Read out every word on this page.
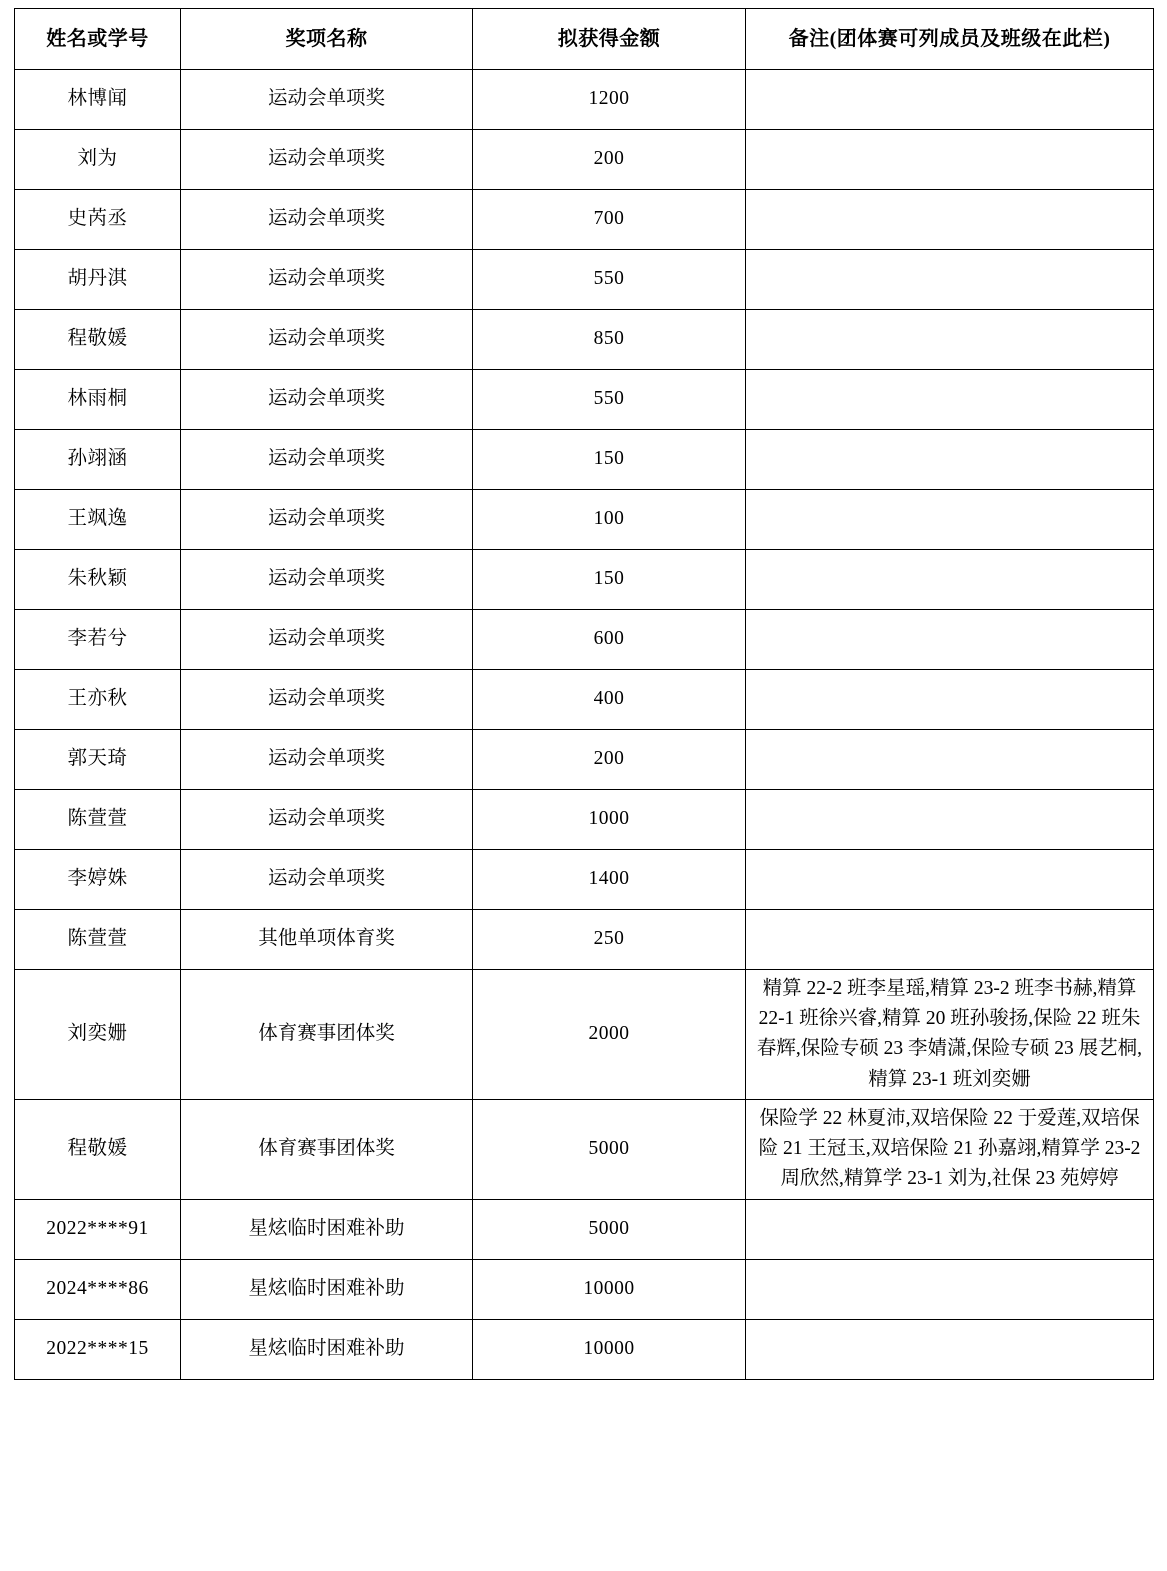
姓名或学号	奖项名称	拟获得金额	备注(团体赛可列成员及班级在此栏)
林博闻	运动会单项奖	1200	
刘为	运动会单项奖	200	
史芮丞	运动会单项奖	700	
胡丹淇	运动会单项奖	550	
程敬媛	运动会单项奖	850	
林雨桐	运动会单项奖	550	
孙翊涵	运动会单项奖	150	
王飒逸	运动会单项奖	100	
朱秋颖	运动会单项奖	150	
李若兮	运动会单项奖	600	
王亦秋	运动会单项奖	400	
郭天琦	运动会单项奖	200	
陈萱萱	运动会单项奖	1000	
李婷姝	运动会单项奖	1400	
陈萱萱	其他单项体育奖	250	
刘奕姗	体育赛事团体奖	2000	精算 22-2 班李星瑶,精算 23-2 班李书赫,精算 22-1 班徐兴睿,精算 20 班孙骏扬,保险 22 班朱春辉,保险专硕 23 李婧潇,保险专硕 23 展艺桐,精算 23-1 班刘奕姗
程敬媛	体育赛事团体奖	5000	保险学 22 林夏沛,双培保险 22 于爱莲,双培保险 21 王冠玉,双培保险 21 孙嘉翊,精算学 23-2 周欣然,精算学 23-1 刘为,社保 23 苑婷婷
2022****91	星炫临时困难补助	5000	
2024****86	星炫临时困难补助	10000	
2022****15	星炫临时困难补助	10000	
